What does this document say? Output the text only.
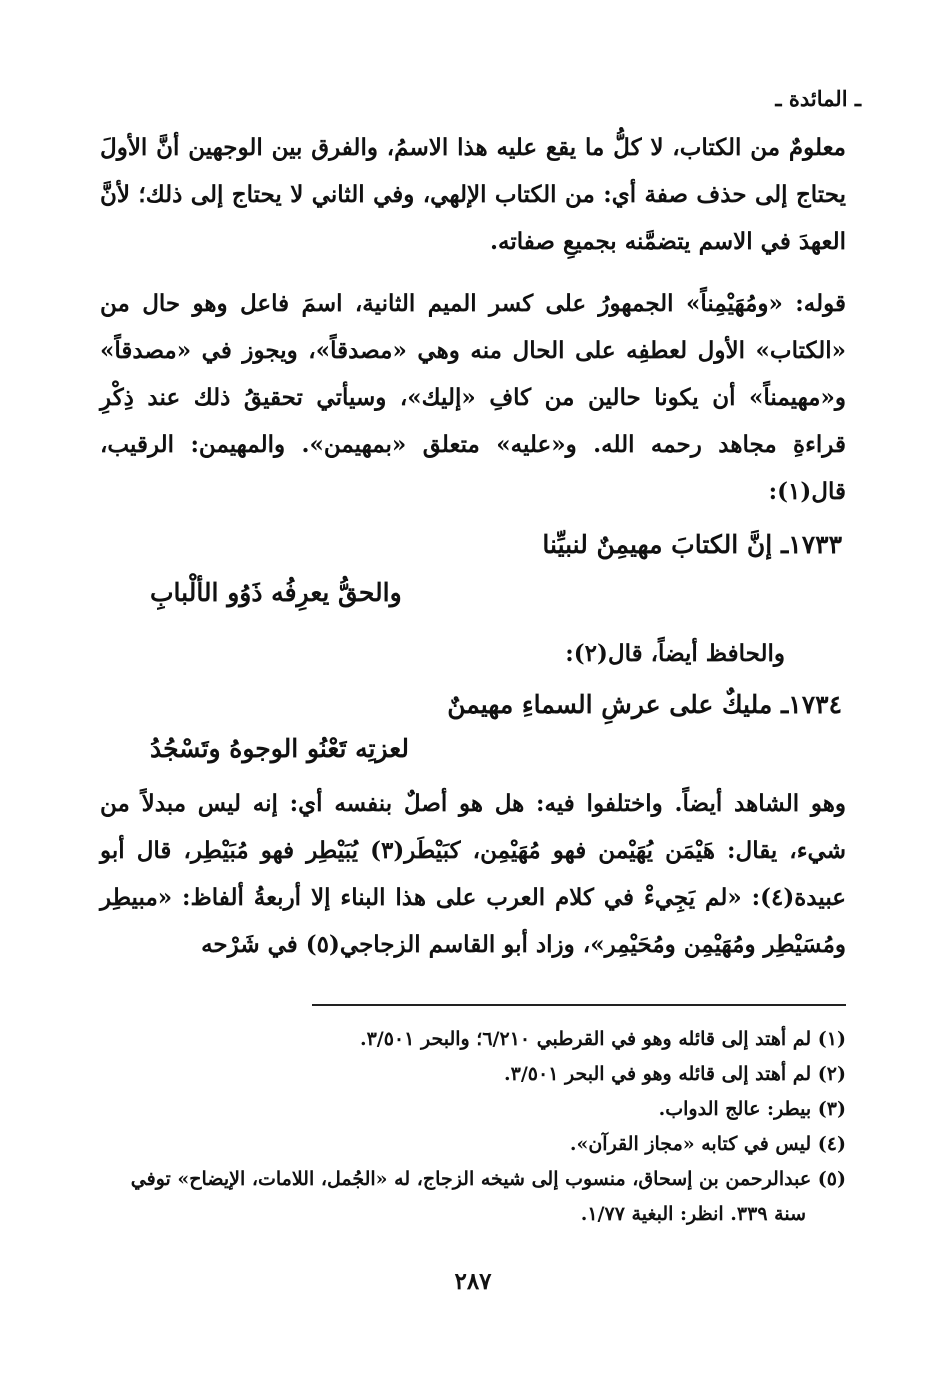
ـ المائدة ـ

معلومٌ من الكتاب، لا كلُّ ما يقع عليه هذا الاسمُ، والفرق بين الوجهين أنَّ الأولَ يحتاج إلى حذف صفة أي: من الكتاب الإلهي، وفي الثاني لا يحتاج إلى ذلك؛ لأنَّ العهدَ في الاسم يتضمَّنه بجميعِ صفاته.

قوله: «ومُهَيْمِناً» الجمهورُ على كسر الميم الثانية، اسمَ فاعل وهو حال من «الكتاب» الأول لعطفِه على الحال منه وهي «مصدقاً»، ويجوز في «مصدقاً» و«مهيمناً» أن يكونا حالين من كافِ «إليك»، وسيأتي تحقيقُ ذلك عند ذِكْرِ قراءةِ مجاهد رحمه الله. و«عليه» متعلق «بمهيمن». والمهيمن: الرقيب، قال(١):

١٧٣٣ـ إنَّ الكتابَ مهيمِنٌ لنبيِّنا
والحقُّ يعرِفُه ذَوُو الألْبابِ
والحافظ أيضاً، قال(٢):
١٧٣٤ـ مليكٌ على عرشِ السماءِ مهيمنٌ
لعزتِه تَعْنُو الوجوهُ وتَسْجُدُ

وهو الشاهد أيضاً. واختلفوا فيه: هل هو أصلٌ بنفسه أي: إنه ليس مبدلاً من شيء، يقال: هَيْمَن يُهَيْمن فهو مُهَيْمِن، كبَيْطَر(٣) يُبَيْطِر فهو مُبَيْطِر، قال أبو عبيدة(٤): «لم يَجِيءْ في كلام العرب على هذا البناء إلا أربعةُ ألفاظ: «مبيطِر ومُسَيْطِر ومُهَيْمِن ومُحَيْمِر»، وزاد أبو القاسم الزجاجي(٥) في شَرْحه

(١) لم أهتد إلى قائله وهو في القرطبي ٦/٢١٠؛ والبحر ٣/٥٠١.
(٢) لم أهتد إلى قائله وهو في البحر ٣/٥٠١.
(٣) بيطر: عالج الدواب.
(٤) ليس في كتابه «مجاز القرآن».
(٥) عبدالرحمن بن إسحاق، منسوب إلى شيخه الزجاج، له «الجُمل، اللامات، الإيضاح» توفي سنة ٣٣٩. انظر: البغية ١/٧٧.
٢٨٧
